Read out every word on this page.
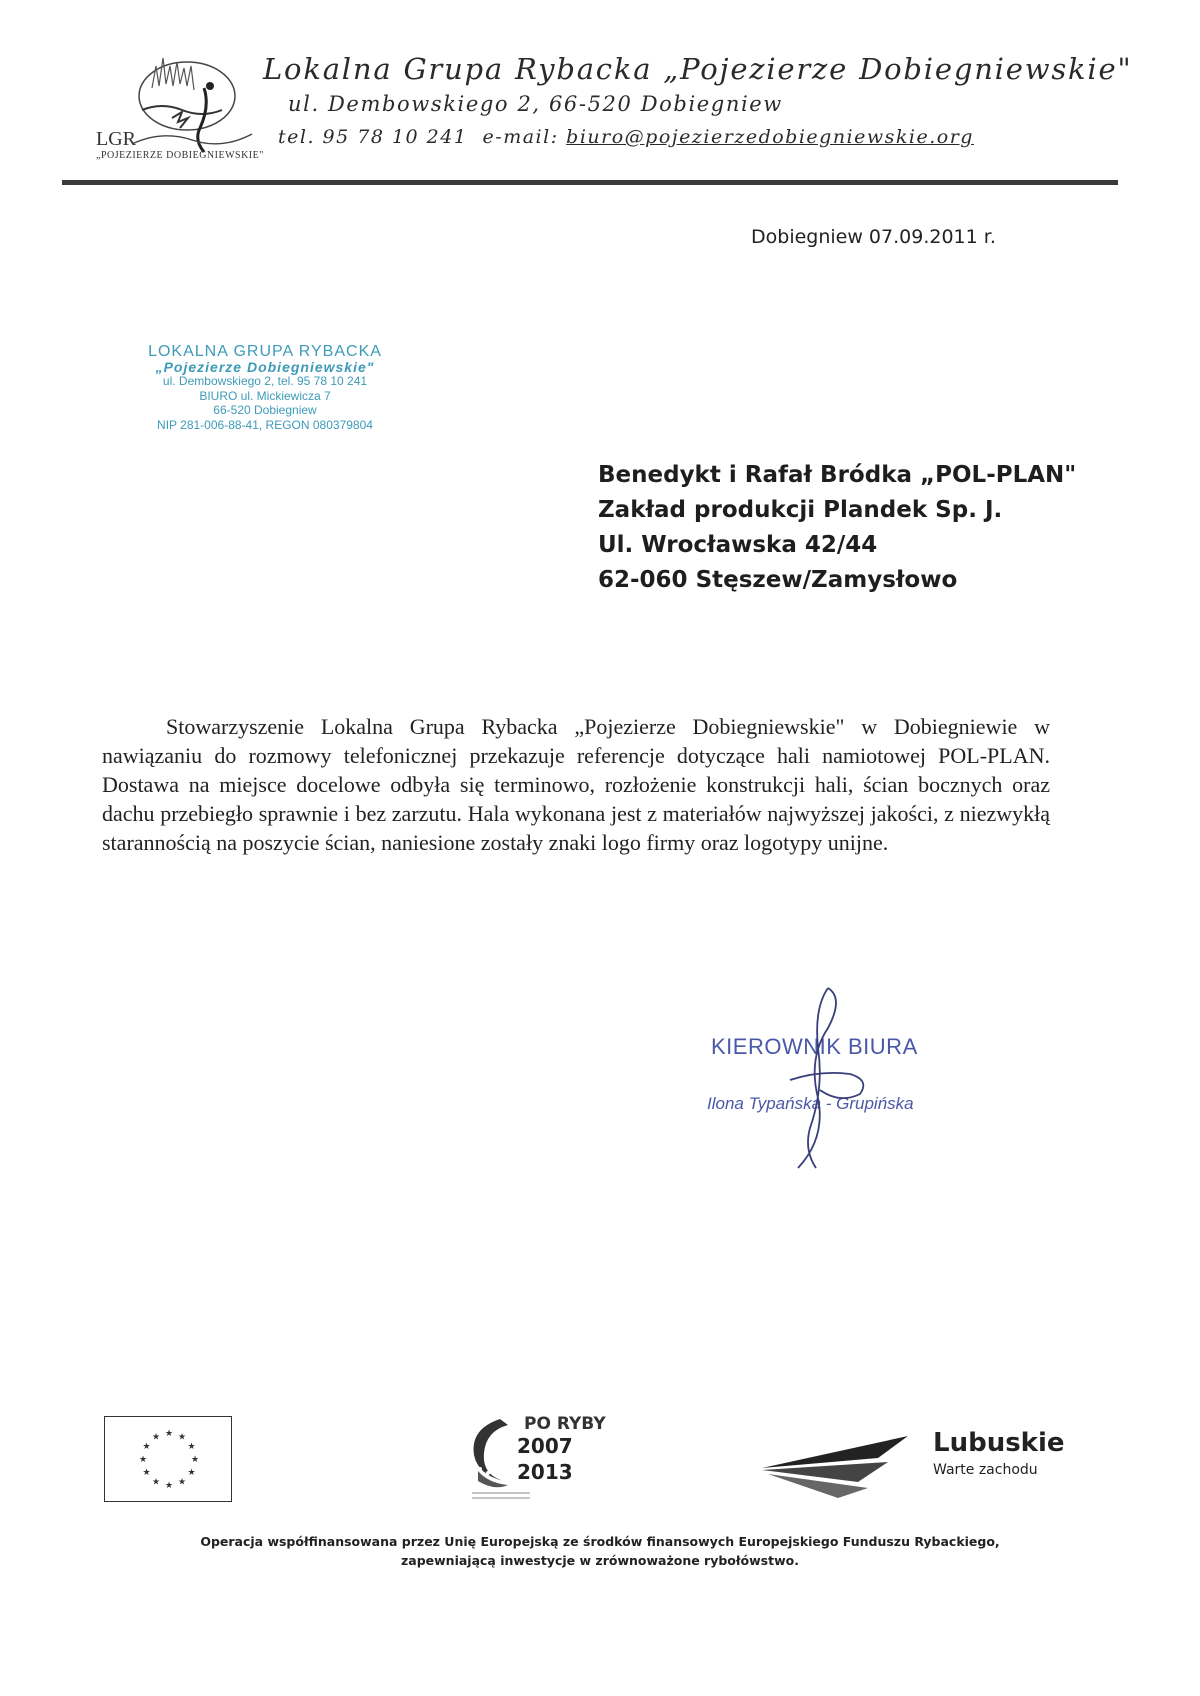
LGR
„POJEZIERZE DOBIEGNIEWSKIE"
Lokalna Grupa Rybacka „Pojezierze Dobiegniewskie"
ul. Dembowskiego 2, 66-520 Dobiegniew
tel. 95 78 10 241 e-mail: biuro@pojezierzedobiegniewskie.org
Dobiegniew 07.09.2011 r.
LOKALNA GRUPA RYBACKA
„Pojezierze Dobiegniewskie"
ul. Dembowskiego 2, tel. 95 78 10 241
BIURO ul. Mickiewicza 7
66-520 Dobiegniew
NIP 281-006-88-41, REGON 080379804
Benedykt i Rafał Bródka „POL-PLAN"
Zakład produkcji Plandek Sp. J.
Ul. Wrocławska 42/44
62-060 Stęszew/Zamysłowo

Stowarzyszenie Lokalna Grupa Rybacka „Pojezierze Dobiegniewskie" w Dobiegniewie w nawiązaniu do rozmowy telefonicznej przekazuje referencje dotyczące hali namiotowej POL-PLAN. Dostawa na miejsce docelowe odbyła się terminowo, rozłożenie konstrukcji hali, ścian bocznych oraz dachu przebiegło sprawnie i bez zarzutu. Hala wykonana jest z materiałów najwyższej jakości, z niezwykłą starannością na poszycie ścian, naniesione zostały znaki logo firmy oraz logotypy unijne.

KIEROWNIK BIURA
Ilona Typańska - Grupińska
★
★
★
★
★
★
★
★
★ ★ ★
★
PO RYBY
2007
2013
Lubuskie
Warte zachodu
Operacja współfinansowana przez Unię Europejską ze środków finansowych Europejskiego Funduszu Rybackiego,
zapewniającą inwestycje w zrównoważone rybołówstwo.
